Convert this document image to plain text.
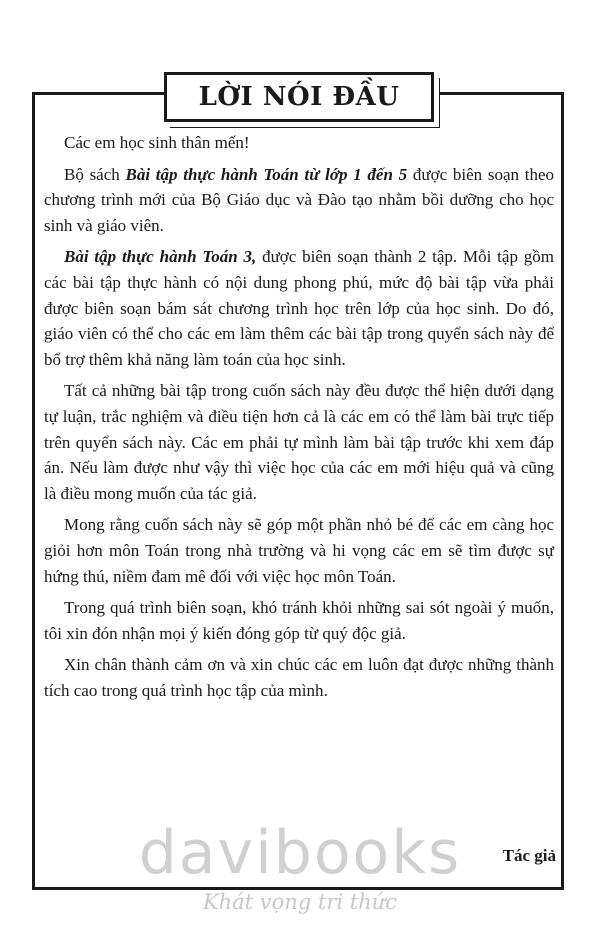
LỜI NÓI ĐẦU

Các em học sinh thân mến!

Bộ sách Bài tập thực hành Toán từ lớp 1 đến 5 được biên soạn theo chương trình mới của Bộ Giáo dục và Đào tạo nhằm bồi dưỡng cho học sinh và giáo viên.

Bài tập thực hành Toán 3, được biên soạn thành 2 tập. Mỗi tập gồm các bài tập thực hành có nội dung phong phú, mức độ bài tập vừa phải được biên soạn bám sát chương trình học trên lớp của học sinh. Do đó, giáo viên có thể cho các em làm thêm các bài tập trong quyển sách này để bổ trợ thêm khả năng làm toán của học sinh.

Tất cả những bài tập trong cuốn sách này đều được thể hiện dưới dạng tự luận, trắc nghiệm và điều tiện hơn cả là các em có thể làm bài trực tiếp trên quyển sách này. Các em phải tự mình làm bài tập trước khi xem đáp án. Nếu làm được như vậy thì việc học của các em mới hiệu quả và cũng là điều mong muốn của tác giả.

Mong rằng cuốn sách này sẽ góp một phần nhỏ bé để các em càng học giỏi hơn môn Toán trong nhà trường và hi vọng các em sẽ tìm được sự hứng thú, niềm đam mê đối với việc học môn Toán.

Trong quá trình biên soạn, khó tránh khỏi những sai sót ngoài ý muốn, tôi xin đón nhận mọi ý kiến đóng góp từ quý độc giả.

Xin chân thành cảm ơn và xin chúc các em luôn đạt được những thành tích cao trong quá trình học tập của mình.

davibooks	Tác giả
Khát vọng tri thức
